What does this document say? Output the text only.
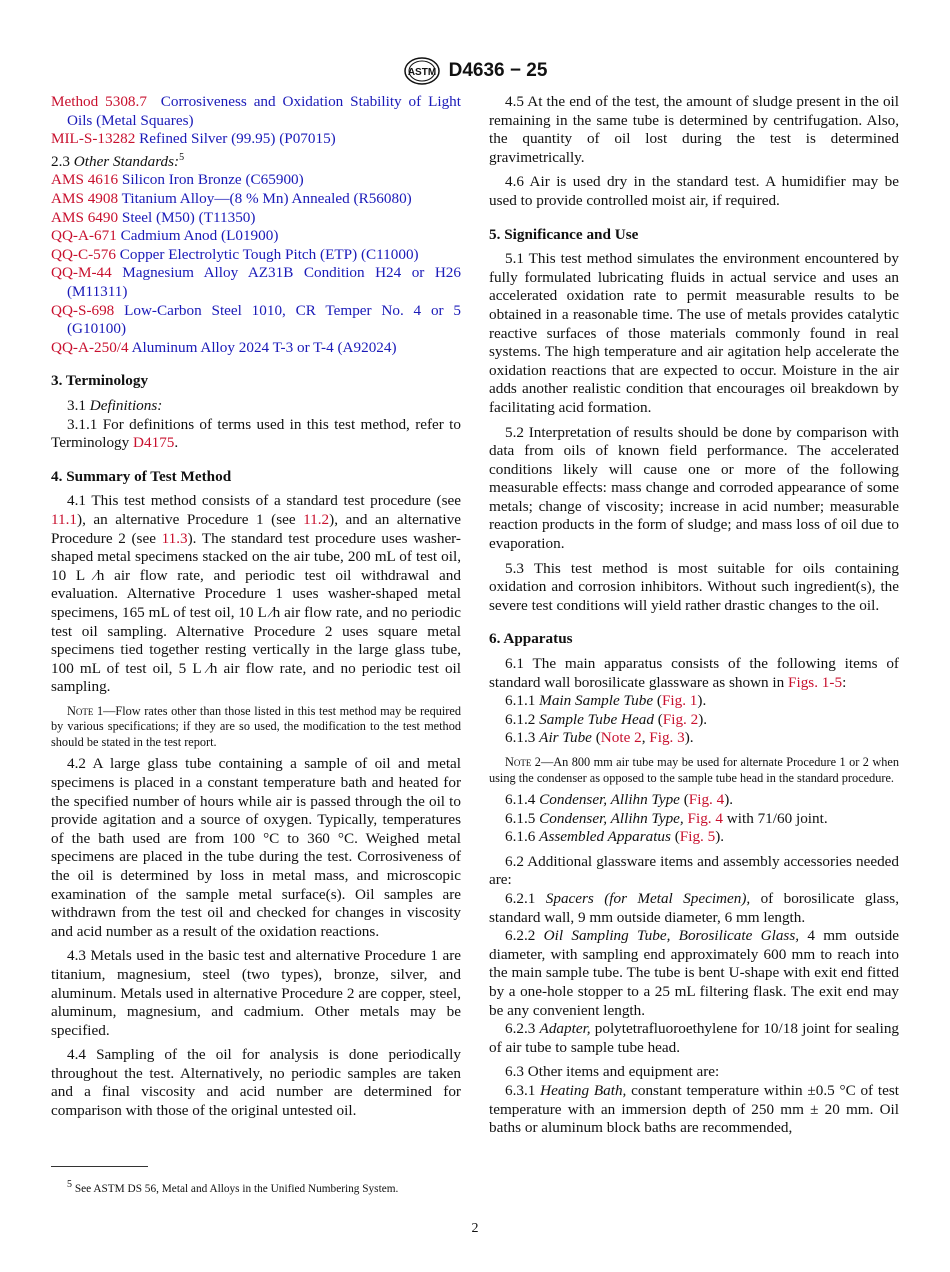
ASTM D4636 − 25

Method 5308.7 Corrosiveness and Oxidation Stability of Light Oils (Metal Squares)

MIL-S-13282 Refined Silver (99.95) (P07015)

2.3 Other Standards:$^5$

AMS 4616 Silicon Iron Bronze (C65900)

AMS 4908 Titanium Alloy—(8 % Mn) Annealed (R56080)

AMS 6490 Steel (M50) (T11350)

QQ-A-671 Cadmium Anod (L01900)

QQ-C-576 Copper Electrolytic Tough Pitch (ETP) (C11000)

QQ-M-44 Magnesium Alloy AZ31B Condition H24 or H26 (M11311)

QQ-S-698 Low-Carbon Steel 1010, CR Temper No. 4 or 5 (G10100)

QQ-A-250/4 Aluminum Alloy 2024 T-3 or T-4 (A92024)

3. Terminology

3.1 Definitions:

3.1.1 For definitions of terms used in this test method, refer to Terminology D4175.

4. Summary of Test Method

4.1 This test method consists of a standard test procedure (see 11.1), an alternative Procedure 1 (see 11.2), and an alternative Procedure 2 (see 11.3). The standard test procedure uses washer-shaped metal specimens stacked on the air tube, 200 mL of test oil, 10 L ⁄h air flow rate, and periodic test oil withdrawal and evaluation. Alternative Procedure 1 uses washer-shaped metal specimens, 165 mL of test oil, 10 L ⁄h air flow rate, and no periodic test oil sampling. Alternative Procedure 2 uses square metal specimens tied together resting vertically in the large glass tube, 100 mL of test oil, 5 L ⁄h air flow rate, and no periodic test oil sampling.

Note 1—Flow rates other than those listed in this test method may be required by various specifications; if they are so used, the modification to the test method should be stated in the test report.

4.2 A large glass tube containing a sample of oil and metal specimens is placed in a constant temperature bath and heated for the specified number of hours while air is passed through the oil to provide agitation and a source of oxygen. Typically, temperatures of the bath used are from 100 °C to 360 °C. Weighed metal specimens are placed in the tube during the test. Corrosiveness of the oil is determined by loss in metal mass, and microscopic examination of the sample metal surface(s). Oil samples are withdrawn from the test oil and checked for changes in viscosity and acid number as a result of the oxidation reactions.

4.3 Metals used in the basic test and alternative Procedure 1 are titanium, magnesium, steel (two types), bronze, silver, and aluminum. Metals used in alternative Procedure 2 are copper, steel, aluminum, magnesium, and cadmium. Other metals may be specified.

4.4 Sampling of the oil for analysis is done periodically throughout the test. Alternatively, no periodic samples are taken and a final viscosity and acid number are determined for comparison with those of the original untested oil.

4.5 At the end of the test, the amount of sludge present in the oil remaining in the same tube is determined by centrifugation. Also, the quantity of oil lost during the test is determined gravimetrically.

4.6 Air is used dry in the standard test. A humidifier may be used to provide controlled moist air, if required.

5. Significance and Use

5.1 This test method simulates the environment encountered by fully formulated lubricating fluids in actual service and uses an accelerated oxidation rate to permit measurable results to be obtained in a reasonable time. The use of metals provides catalytic reactive surfaces of those materials commonly found in real systems. The high temperature and air agitation help accelerate the oxidation reactions that are expected to occur. Moisture in the air adds another realistic condition that encourages oil breakdown by facilitating acid formation.

5.2 Interpretation of results should be done by comparison with data from oils of known field performance. The accelerated conditions likely will cause one or more of the following measurable effects: mass change and corroded appearance of some metals; change of viscosity; increase in acid number; measurable reaction products in the form of sludge; and mass loss of oil due to evaporation.

5.3 This test method is most suitable for oils containing oxidation and corrosion inhibitors. Without such ingredient(s), the severe test conditions will yield rather drastic changes to the oil.

6. Apparatus

6.1 The main apparatus consists of the following items of standard wall borosilicate glassware as shown in Figs. 1-5:

6.1.1 Main Sample Tube (Fig. 1).

6.1.2 Sample Tube Head (Fig. 2).

6.1.3 Air Tube (Note 2, Fig. 3).

Note 2—An 800 mm air tube may be used for alternate Procedure 1 or 2 when using the condenser as opposed to the sample tube head in the standard procedure.

6.1.4 Condenser, Allihn Type (Fig. 4).

6.1.5 Condenser, Allihn Type, Fig. 4 with 71/60 joint.

6.1.6 Assembled Apparatus (Fig. 5).

6.2 Additional glassware items and assembly accessories needed are:

6.2.1 Spacers (for Metal Specimen), of borosilicate glass, standard wall, 9 mm outside diameter, 6 mm length.

6.2.2 Oil Sampling Tube, Borosilicate Glass, 4 mm outside diameter, with sampling end approximately 600 mm to reach into the main sample tube. The tube is bent U-shape with exit end fitted by a one-hole stopper to a 25 mL filtering flask. The exit end may be any convenient length.

6.2.3 Adapter, polytetrafluoroethylene for 10/18 joint for sealing of air tube to sample tube head.

6.3 Other items and equipment are:

6.3.1 Heating Bath, constant temperature within ±0.5 °C of test temperature with an immersion depth of 250 mm ± 20 mm. Oil baths or aluminum block baths are recommended,

$^5$ See ASTM DS 56, Metal and Alloys in the Unified Numbering System.

2
